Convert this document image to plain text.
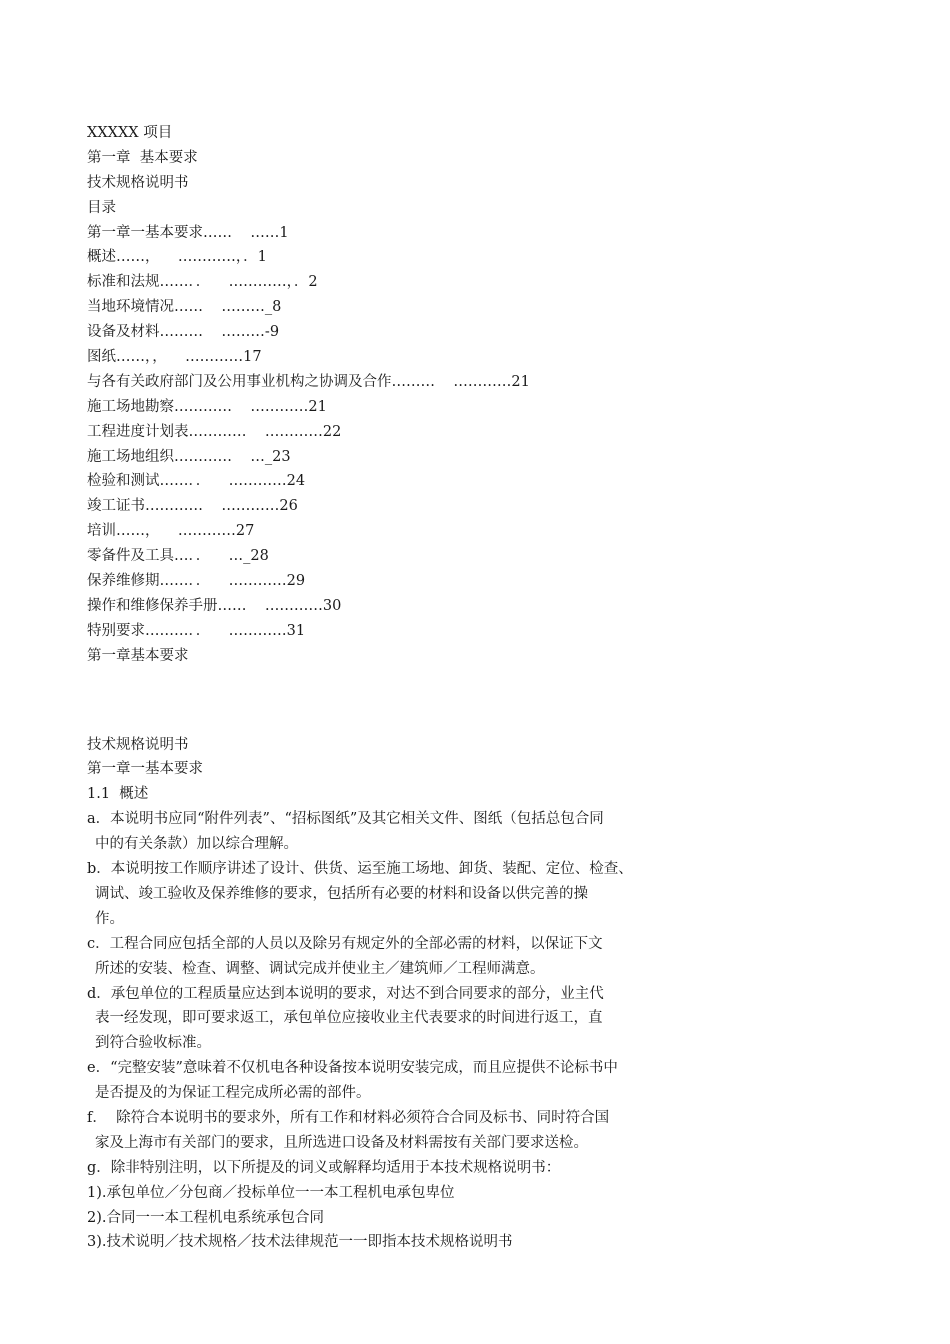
XXXXX 项目
第一章  基本要求
技术规格说明书
目录
第一章一基本要求……    ……1
概述……，    …………，．1
标准和法规……．．    …………，．2
当地环境情况……    ………_8
设备及材料………    ………-9
图纸……，，    …………17
与各有关政府部门及公用事业机构之协调及合作………    …………21
施工场地勘察…………    …………21
工程进度计划表…………    …………22
施工场地组织…………    …_23
检验和测试……．．    …………24
竣工证书…………    …………26
培训……，    …………27
零备件及工具…．．    …_28
保养维修期……．．    …………29
操作和维修保养手册……    …………30
特别要求………．．    …………31
第一章基本要求
技术规格说明书
第一章一基本要求
1.1  概述
a．本说明书应同“附件列表”、“招标图纸”及其它相关文件、图纸（包括总包合同
中的有关条款）加以综合理解。
b．本说明按工作顺序讲述了设计、供货、运至施工场地、卸货、装配、定位、检查、
调试、竣工验收及保养维修的要求，包括所有必要的材料和设备以供完善的操
作。
c．工程合同应包括全部的人员以及除另有规定外的全部必需的材料，以保证下文
所述的安装、检查、调整、调试完成并使业主／建筑师／工程师满意。
d．承包单位的工程质量应达到本说明的要求，对达不到合同要求的部分，业主代
表一经发现，即可要求返工，承包单位应接收业主代表要求的时间进行返工，直
到符合验收标准。
e．“完整安装”意味着不仅机电各种设备按本说明安装完成，而且应提供不论标书中
是否提及的为保证工程完成所必需的部件。
f．  除符合本说明书的要求外，所有工作和材料必须符合合同及标书、同时符合国
家及上海市有关部门的要求，且所选进口设备及材料需按有关部门要求送检。
g．除非特别注明，以下所提及的词义或解释均适用于本技术规格说明书：
1).承包单位／分包商／投标单位一一本工程机电承包卑位
2).合同一一本工程机电系统承包合同
3).技术说明／技术规格／技术法律规范一一即指本技术规格说明书
